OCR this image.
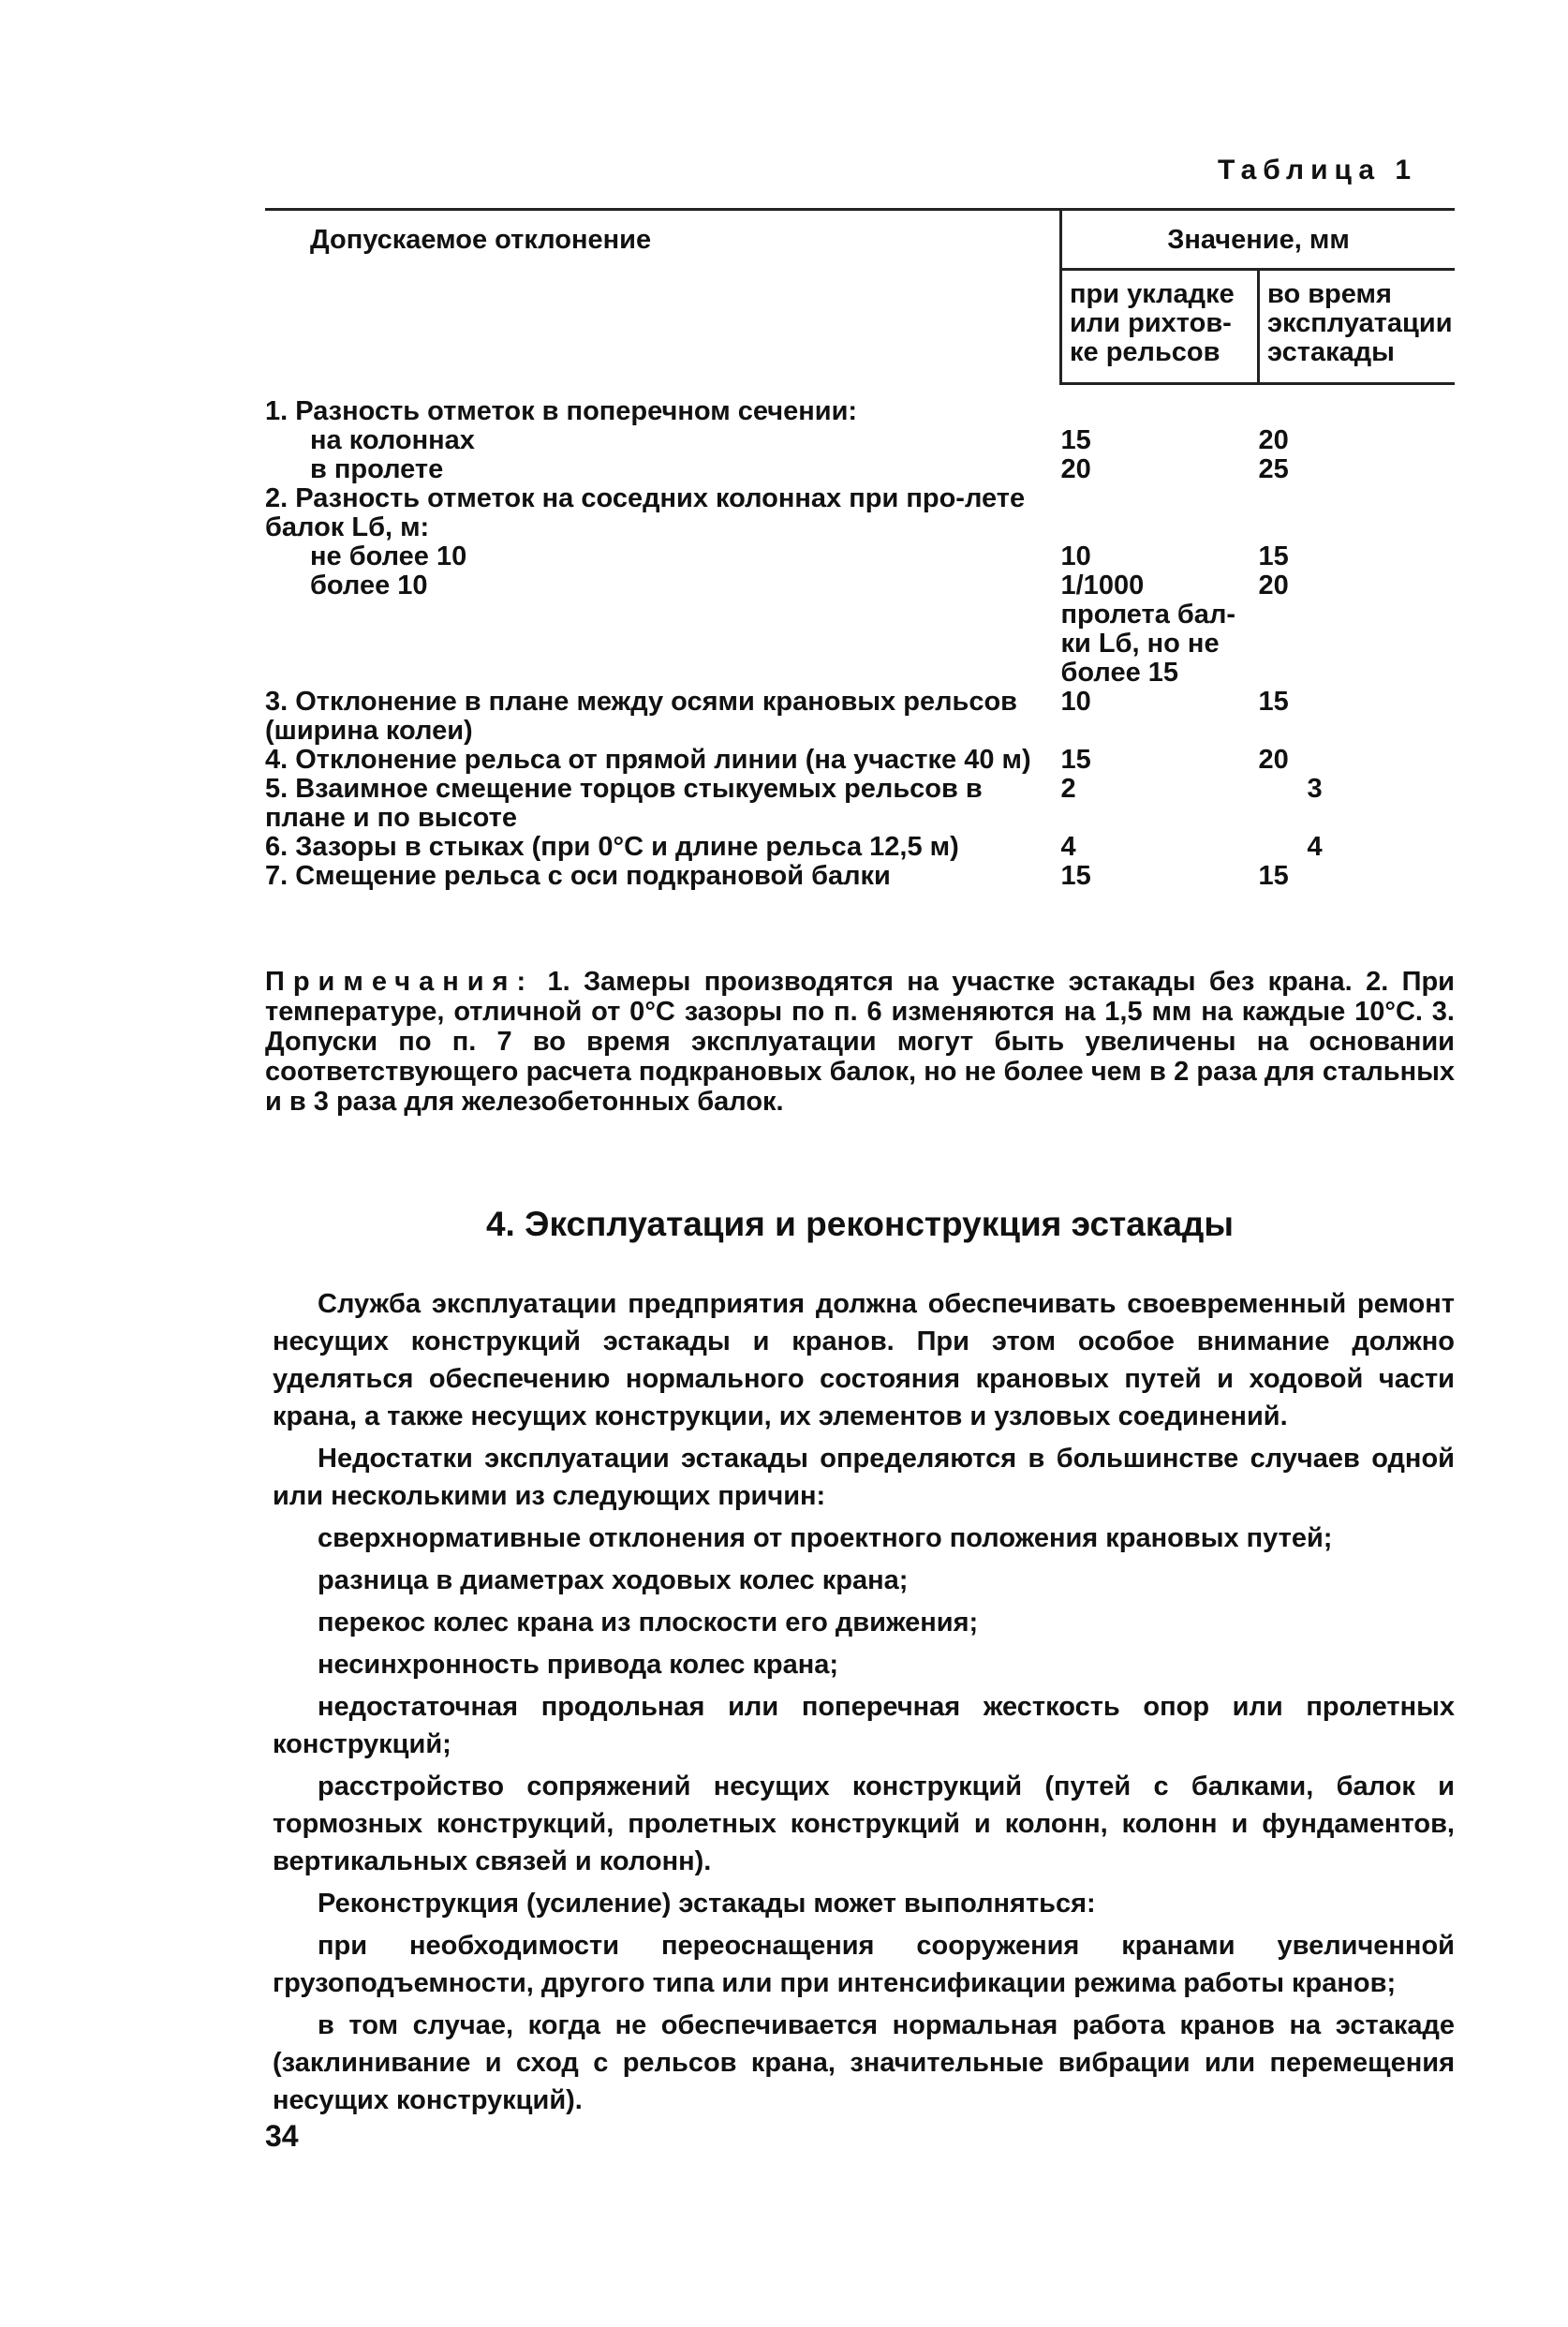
Таблица 1
Допускаемое отклонение	Значение, мм	
	при укладке или рихтов-ке рельсов	во время эксплуатации эстакады
1. Разность отметок в поперечном сечении:		
на колоннах	15	20
в пролете	20	25
2. Разность отметок на соседних колоннах при про-лете балок Lб, м:		
не более 10	10	15
более 10	1/1000 пролета бал-ки Lб, но не более 15	20
3. Отклонение в плане между осями крановых рельсов (ширина колеи)	10	15
4. Отклонение рельса от прямой линии (на участке 40 м)	15	20
5. Взаимное смещение торцов стыкуемых рельсов в плане и по высоте	2	3
6. Зазоры в стыках (при 0°С и длине рельса 12,5 м)	4	4
7. Смещение рельса с оси подкрановой балки	15	15
Примечания: 1. Замеры производятся на участке эстакады без крана. 2. При температуре, отличной от 0°С зазоры по п. 6 изменяются на 1,5 мм на каждые 10°С. 3. Допуски по п. 7 во время эксплуатации могут быть увеличены на основании соответствующего расчета подкрановых балок, но не более чем в 2 раза для стальных и в 3 раза для железобетонных балок.
4. Эксплуатация и реконструкция эстакады

Служба эксплуатации предприятия должна обеспечивать своевременный ремонт несущих конструкций эстакады и кранов. При этом особое внимание должно уделяться обеспечению нормального состояния крановых путей и ходовой части крана, а также несущих конструкции, их элементов и узловых соединений.

Недостатки эксплуатации эстакады определяются в большинстве случаев одной или несколькими из следующих причин:

сверхнормативные отклонения от проектного положения крановых путей;

разница в диаметрах ходовых колес крана;

перекос колес крана из плоскости его движения;

несинхронность привода колес крана;

недостаточная продольная или поперечная жесткость опор или пролетных конструкций;

расстройство сопряжений несущих конструкций (путей с балками, балок и тормозных конструкций, пролетных конструкций и колонн, колонн и фундаментов, вертикальных связей и колонн).

Реконструкция (усиление) эстакады может выполняться:

при необходимости переоснащения сооружения кранами увеличенной грузоподъемности, другого типа или при интенсификации режима работы кранов;

в том случае, когда не обеспечивается нормальная работа кранов на эстакаде (заклинивание и сход с рельсов крана, значительные вибрации или перемещения несущих конструкций).

34
